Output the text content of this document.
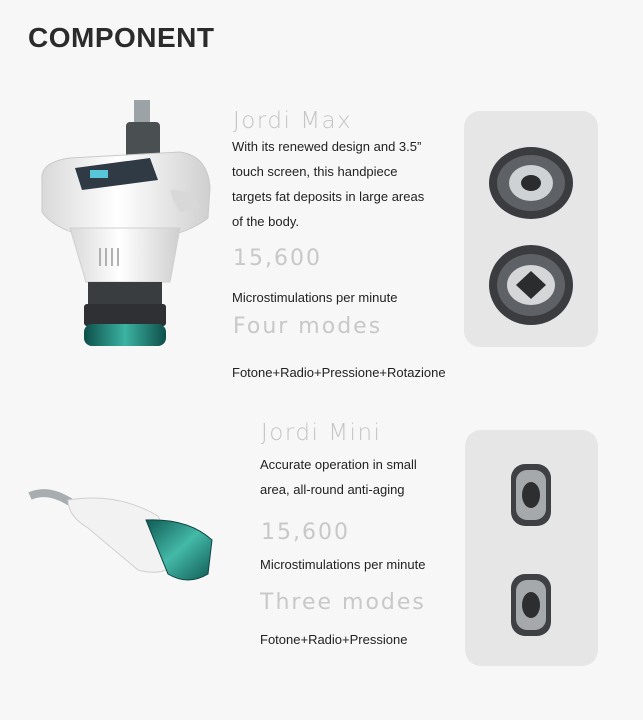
COMPONENT
Jordi Max
With its renewed design and 3.5”
touch screen, this handpiece
targets fat deposits in large areas
of the body.
15,600
Microstimulations per minute
Four modes
Fotone+Radio+Pressione+Rotazione
Jordi Mini
Accurate operation in small
area, all-round anti-aging
15,600
Microstimulations per minute
Three modes
Fotone+Radio+Pressione
